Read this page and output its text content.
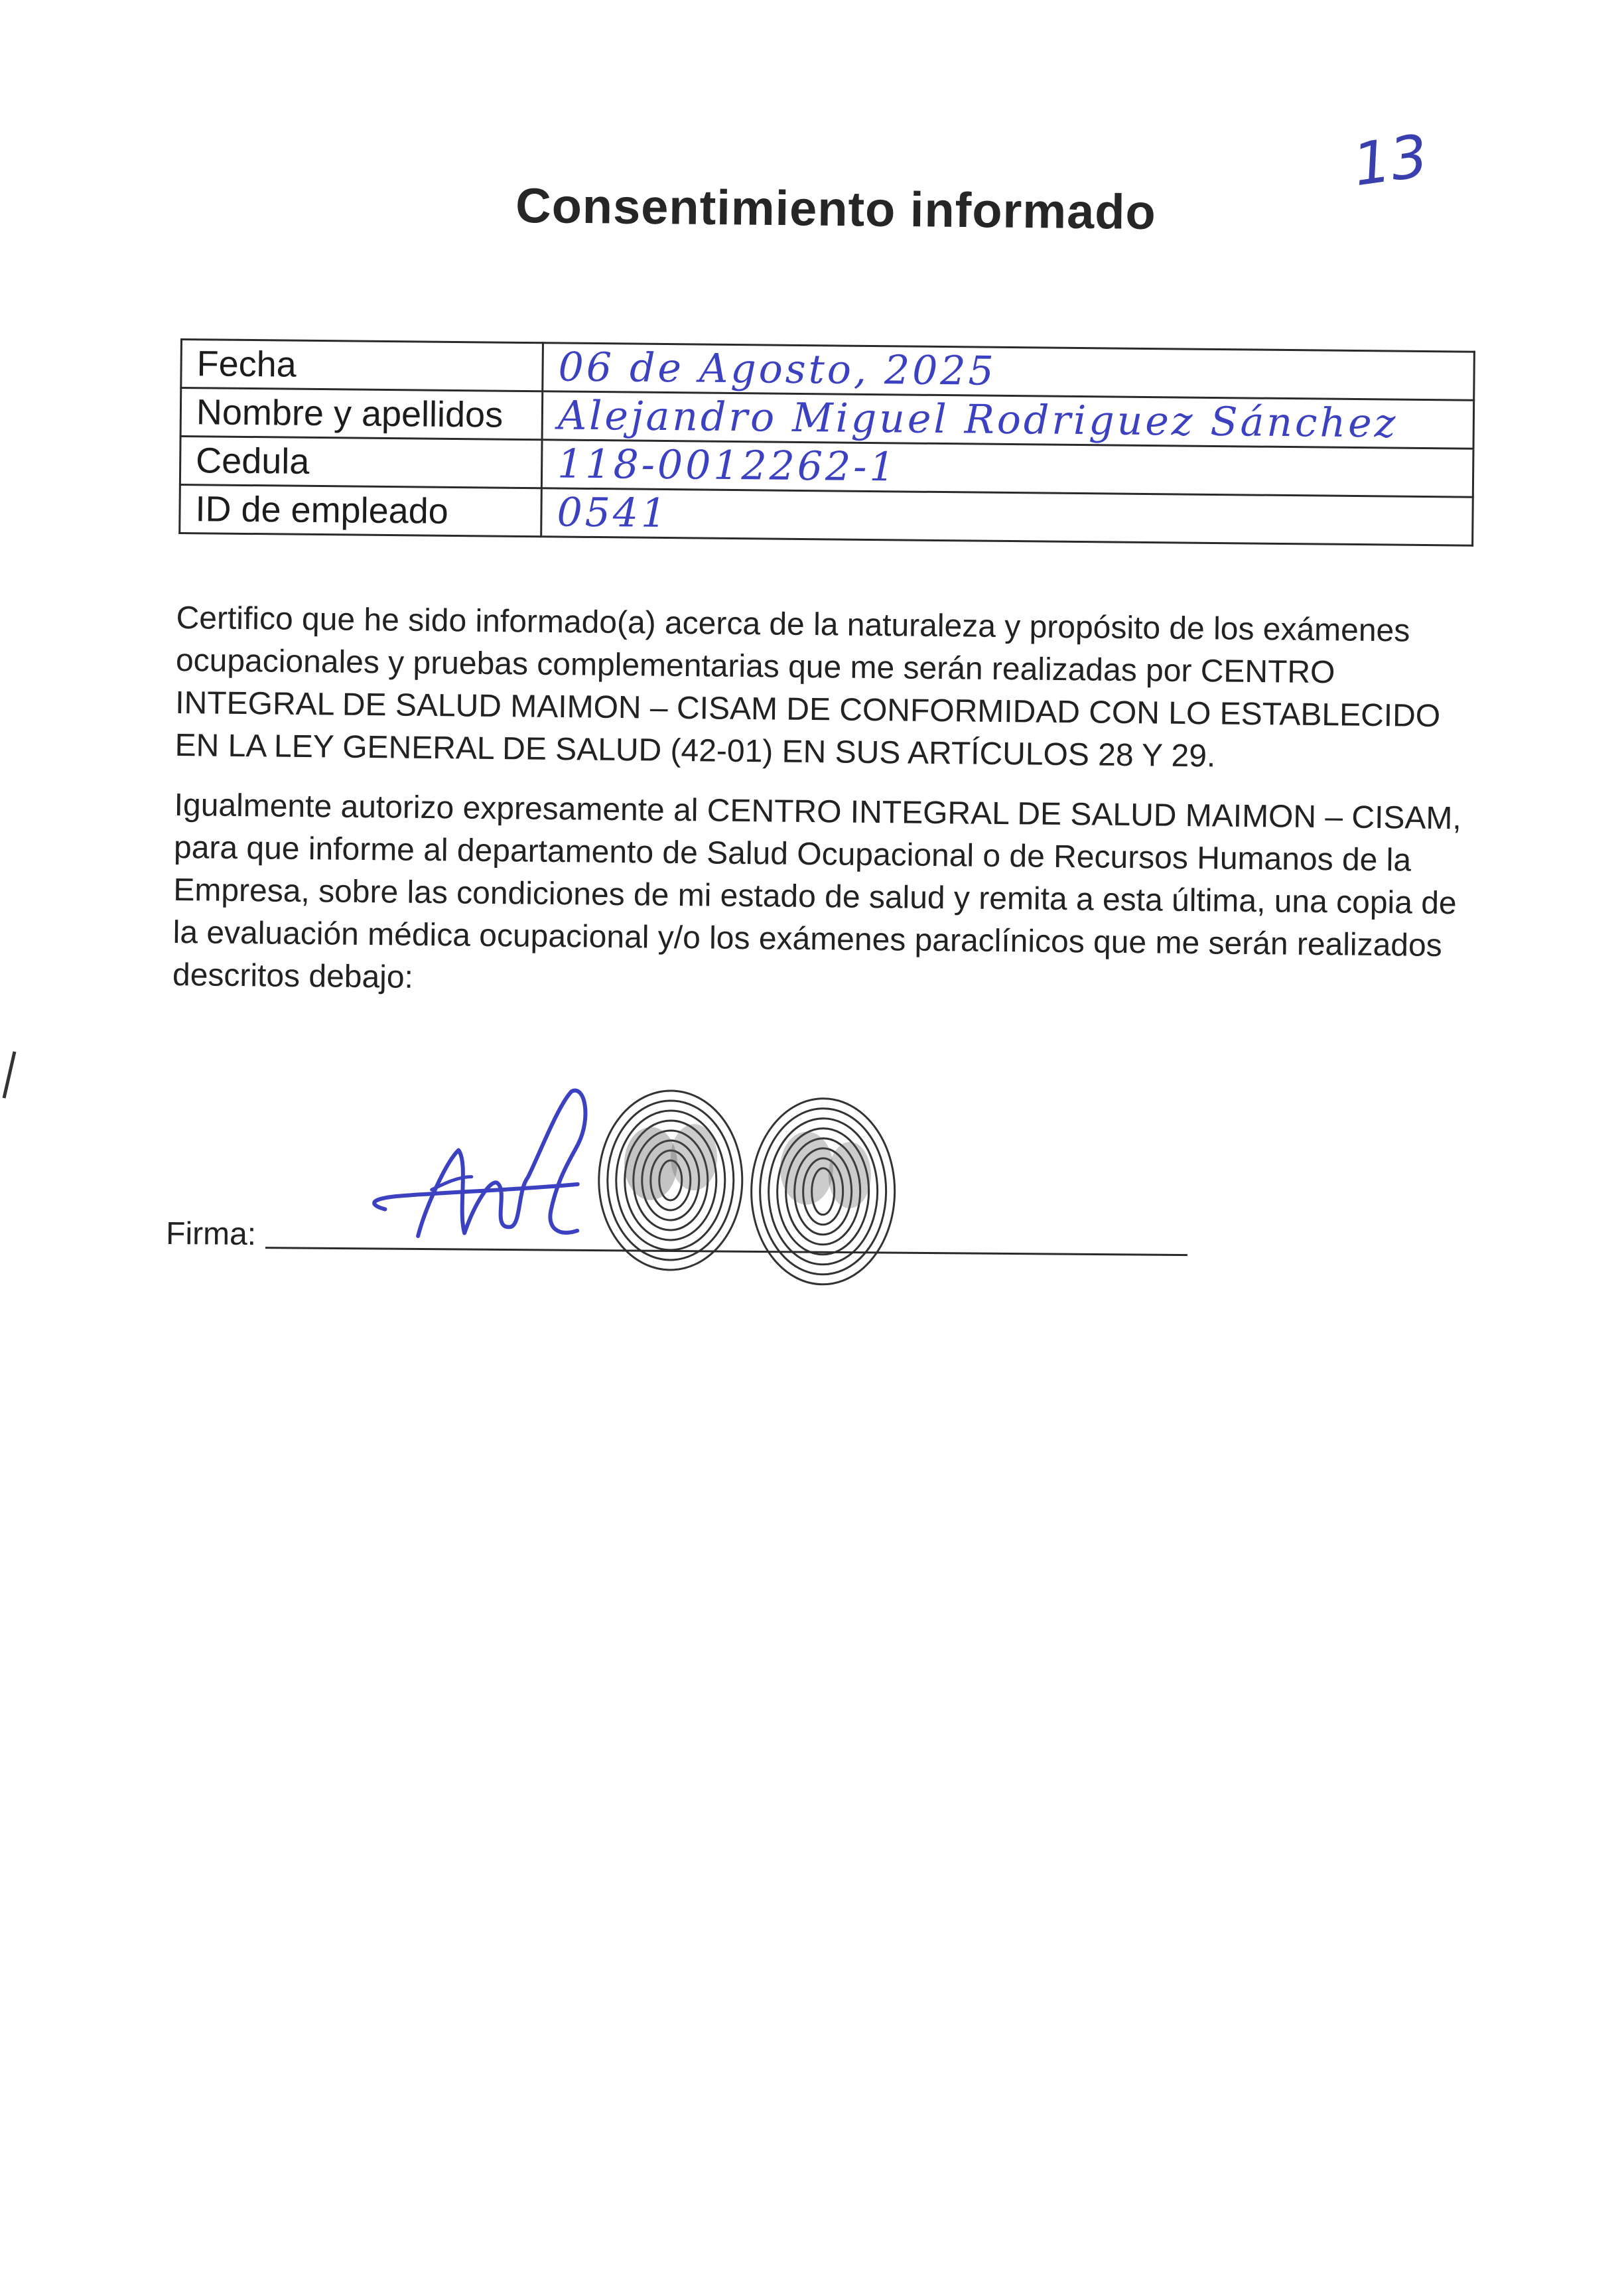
13
Consentimiento informado
Fecha	06 de Agosto, 2025
Nombre y apellidos	Alejandro Miguel Rodriguez Sánchez
Cedula	118-0012262-1
ID de empleado	0541

Certifico que he sido informado(a) acerca de la naturaleza y propósito de los exámenes ocupacionales y pruebas complementarias que me serán realizadas por CENTRO INTEGRAL DE SALUD MAIMON – CISAM DE CONFORMIDAD CON LO ESTABLECIDO EN LA LEY GENERAL DE SALUD (42-01) EN SUS ARTÍCULOS 28 Y 29.

Igualmente autorizo expresamente al CENTRO INTEGRAL DE SALUD MAIMON – CISAM, para que informe al departamento de Salud Ocupacional o de Recursos Humanos de la Empresa, sobre las condiciones de mi estado de salud y remita a esta última, una copia de la evaluación médica ocupacional y/o los exámenes paraclínicos que me serán realizados descritos debajo:

Firma:
